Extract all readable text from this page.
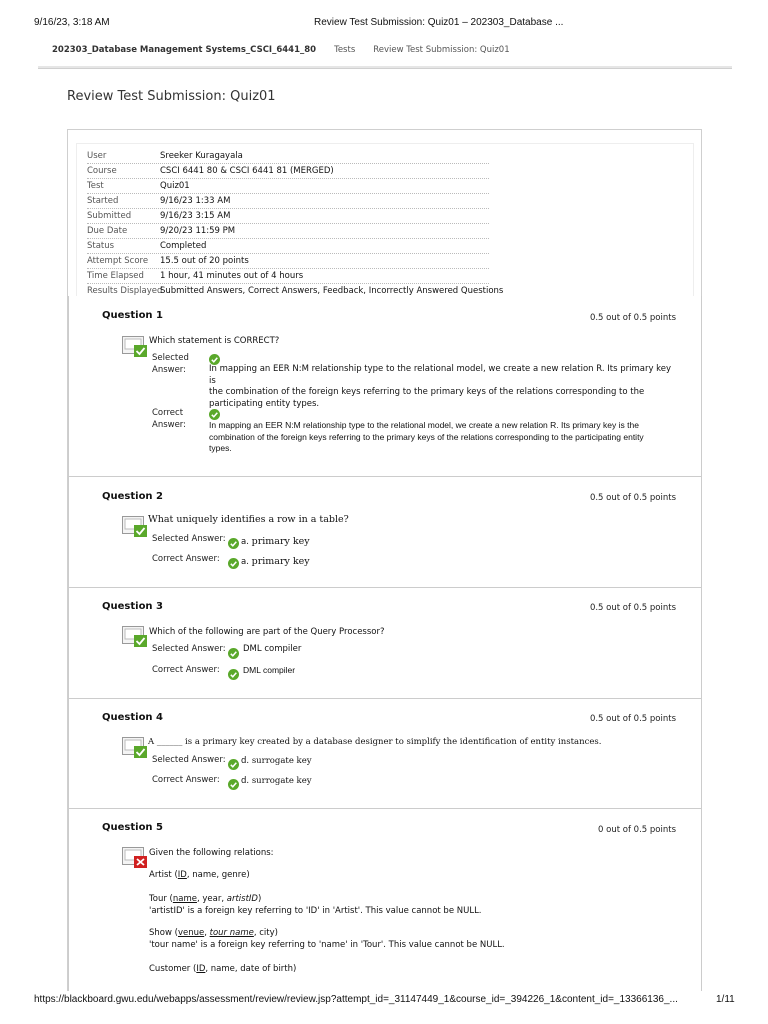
9/16/23, 3:18 AM	Review Test Submission: Quiz01 – 202303_Database ...
202303_Database Management Systems_CSCI_6441_80 Tests Review Test Submission: Quiz01
Review Test Submission: Quiz01
User	Sreeker Kuragayala
Course	CSCI 6441 80 & CSCI 6441 81 (MERGED)
Test	Quiz01
Started	9/16/23 1:33 AM
Submitted	9/16/23 3:15 AM
Due Date	9/20/23 11:59 PM
Status	Completed
Attempt Score 15.5 out of 20 points
Time Elapsed 1 hour, 41 minutes out of 4 hours
Results Displayed
Submitted Answers, Correct Answers, Feedback, Incorrectly Answered Questions
Question 1	0.5 out of 0.5 points
Which statement is CORRECT?
Selected
Answer:	In mapping an EER N:M relationship type to the relational model, we create a new relation R. Its primary key is
the combination of the foreign keys referring to the primary keys of the relations corresponding to the
participating entity types.
Correct
Answer:	In mapping an EER N:M relationship type to the relational model, we create a new relation R. Its primary key is the
combination of the foreign keys referring to the primary keys of the relations corresponding to the participating entity
types.
Question 2	0.5 out of 0.5 points
What uniquely identifies a row in a table?
Selected Answer: a. primary key
Correct Answer:	a. primary key
Question 3	0.5 out of 0.5 points
Which of the following are part of the Query Processor?
Selected Answer: DML compiler
Correct Answer:	DML compiler
Question 4	0.5 out of 0.5 points
A ______ is a primary key created by a database designer to simplify the identification of entity instances.
Selected Answer: d. surrogate key
Correct Answer:	d. surrogate key
Question 5	0 out of 0.5 points
Given the following relations:
Artist (ID, name, genre)
Tour (name, year, artistID)
'artistID' is a foreign key referring to 'ID' in 'Artist'. This value cannot be NULL.
Show (venue, tour name, city)
'tour name' is a foreign key referring to 'name' in 'Tour'. This value cannot be NULL.
Customer (ID, name, date of birth)
https://blackboard.gwu.edu/webapps/assessment/review/review.jsp?attempt_id=_31147449_1&course_id=_394226_1&content_id=_13366136_...	1/11
